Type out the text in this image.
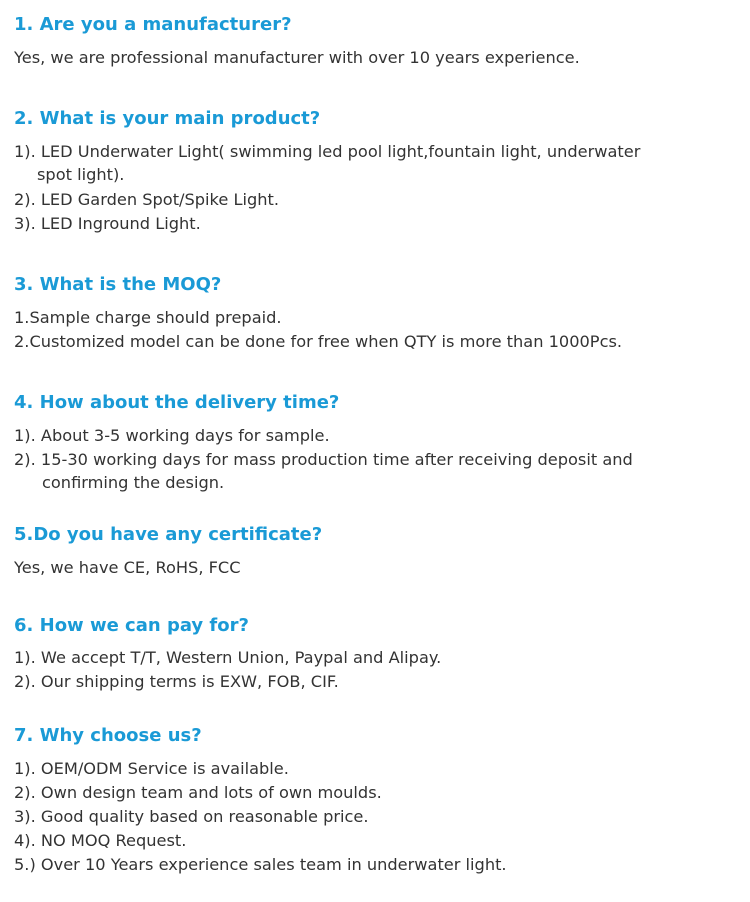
1. Are you a manufacturer?

Yes, we are professional manufacturer with over 10 years experience.

2. What is your main product?

1). LED Underwater Light( swimming led pool light,fountain light, underwater

spot light).

2). LED Garden Spot/Spike Light.

3). LED Inground Light.

3. What is the MOQ?

1.Sample charge should prepaid.

2.Customized model can be done for free when QTY is more than 1000Pcs.

4. How about the delivery time?

1). About 3-5 working days for sample.

2). 15-30 working days for mass production time after receiving deposit and

confirming the design.

5.Do you have any certificate?

Yes, we have CE, RoHS, FCC

6. How we can pay for?

1). We accept T/T, Western Union, Paypal and Alipay.

2). Our shipping terms is EXW, FOB, CIF.

7. Why choose us?

1). OEM/ODM Service is available.

2). Own design team and lots of own moulds.

3). Good quality based on reasonable price.

4). NO MOQ Request.

5.) Over 10 Years experience sales team in underwater light.
